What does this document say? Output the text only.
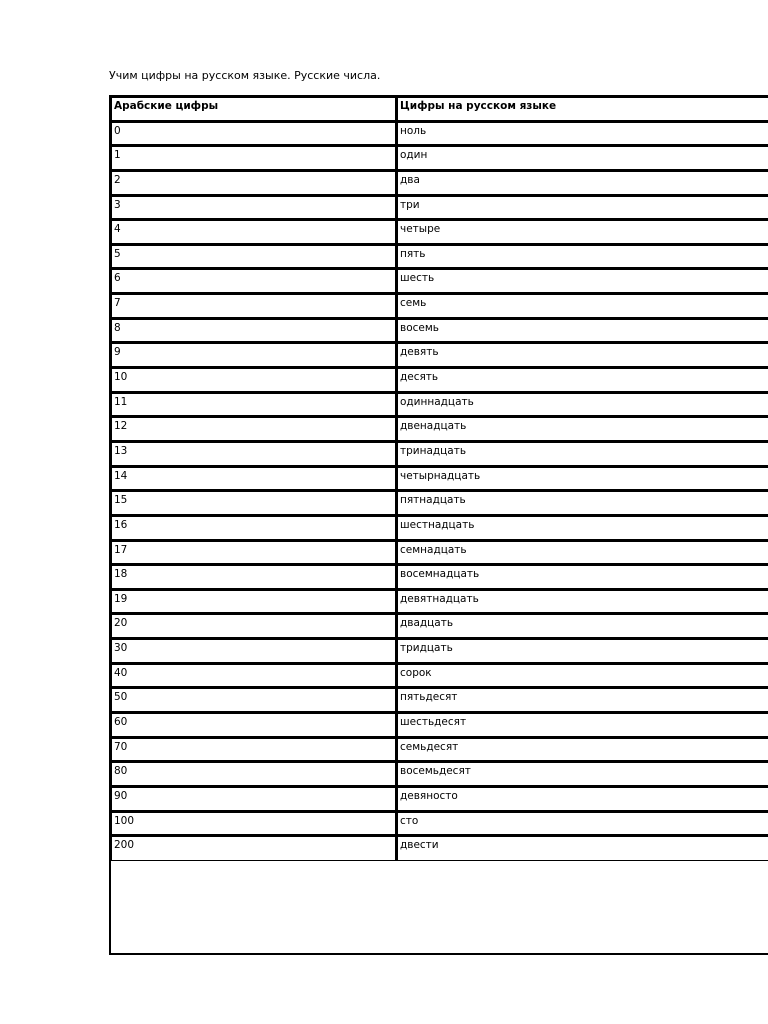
Учим цифры на русском языке. Русские числа.
Арабские цифры	Цифры на русском языке
0	ноль
1	один
2	два
3	три
4	четыре
5	пять
6	шесть
7	семь
8	восемь
9	девять
10	десять
11	одиннадцать
12	двенадцать
13	тринадцать
14	четырнадцать
15	пятнадцать
16	шестнадцать
17	семнадцать
18	восемнадцать
19	девятнадцать
20	двадцать
30	тридцать
40	сорок
50	пятьдесят
60	шестьдесят
70	семьдесят
80	восемьдесят
90	девяносто
100	сто
200	двести
